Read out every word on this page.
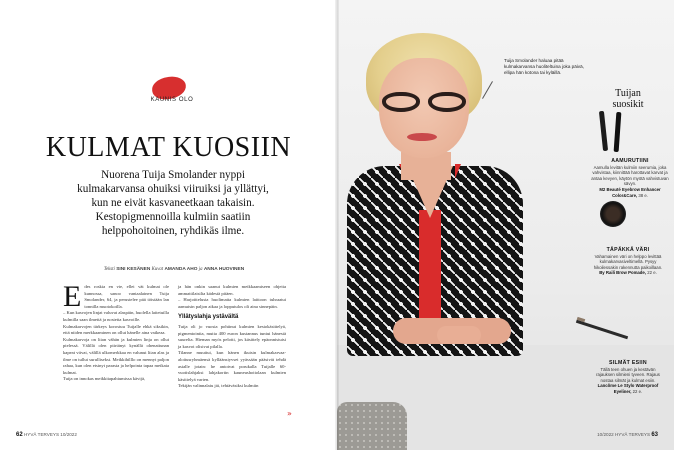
KAUNIS OLO
KULMAT KUOSIIN

Nuorena Tuija Smolander nyppi kulmakarvansa ohuiksi viiruiksi ja yllättyi, kun ne eivät kasvaneetkaan takaisin. Kestopigmennoilla kulmiin saatiin helppohoitoinen, ryhdikäs ilme.

Teksti SINI KESÄNEN Kuvat AMANDA AHO ja ANNA HUOVINEN
E des roskia en vie, ellei vät kulmat ole kunnossa, sanoo vantaalainen Tuija Smolander, 64, ja perustelee pää töistään lan tonnilla muotokoilla.

– Kun kasvojen linjat valuvat alaspäin, huolella laitetuilla kulmilla saan ilmettä ja nostetta kasvoille.

Kulmakarvojen tärkeys korostuu Tuijalle ehkä siksikin, että niiden merkkaaminen on ollut hänelle aina vaikeaa.

Kulmakarvoja on liian vähän ja kulmien linja on ollut pielessä. Välillä olen piirtänyt kynällä ohenattunan kapeat viivat, välillä ulkomerkkaa en valunut liian alas ja ilme on tullut surullisekst. Meikkihilllo on mennyt paljon rahaa, kun olen etsinyt parasta ja helpointa tapaa meikata kulmat.

Tuija on innokas meikkitapahtumissa kävijä,

ja hän onkin saanut kulmien meikkaamiseen ohjeita ammattilaisilta kädestä pitäen.

– Harjoittelusta huolimatta kulmien laittoon tuhraatui aamuisin paljon aikaa ja lopputulos oli aina sinnepäin.

Yllätyslahja ystävältä

Tuija oli jo vuosia pohtinut kulmien kestokäsittelyä, pigmentointia, mutta 400 euron kustannus tuntui hänestä suurelta. Hieman myös pelotti, jos käsittely epäonnistuisi ja kasvot olisivat pilalla.

Tilanne muuttui, kun hänen ikuisin kulmakarvaa-aloitusryhmäensä kylläänsiyvset yyässään pääsivät tehdä asialle jotain: he antoivat porukalla Tuijalle 60-vuotislahjaksi lahjakortin kauneushoitolaan kulmien käsittelyä varten.

Tekijän valinnalaiu jäi, tehtäväsiksi kulmiin

»
62 HYVÄ TERVEYS 10/2022

Tuija Smolander haluaa pitää kulmakarvansa huoliteltuina joka päivä, ellipa hän kotona tai kyläillä.

Tuijan
suosikit
AAMURUTIINI
Aamulla levitän kulmiin seerumia, joka vahvistaa, kiinnittää harottavat karvat ja antaa kevyen, käytön myötä vahvistuvan sävyn.
M2 Beauté Eyebrow Enhancer Color&Care, 38 e.
TÄPÄKKÄ VÄRI
Vahamainen väri on helppo levittää kulmakarvasiveltimellä. Pysyy hikoilessakin rakennutta paikoillaan.
By Raili Brow Pomade, 22 e.
SILMÄT ESIIN
Tällä teen ohuen ja kestävän rajauksen silmieni tyveen. Rajaus nostaa silmät ja kulmat esiin.
Lancôme Le Stylo Waterproof Eyeliner, 22 e.
10/2022 HYVÄ TERVEYS 63
